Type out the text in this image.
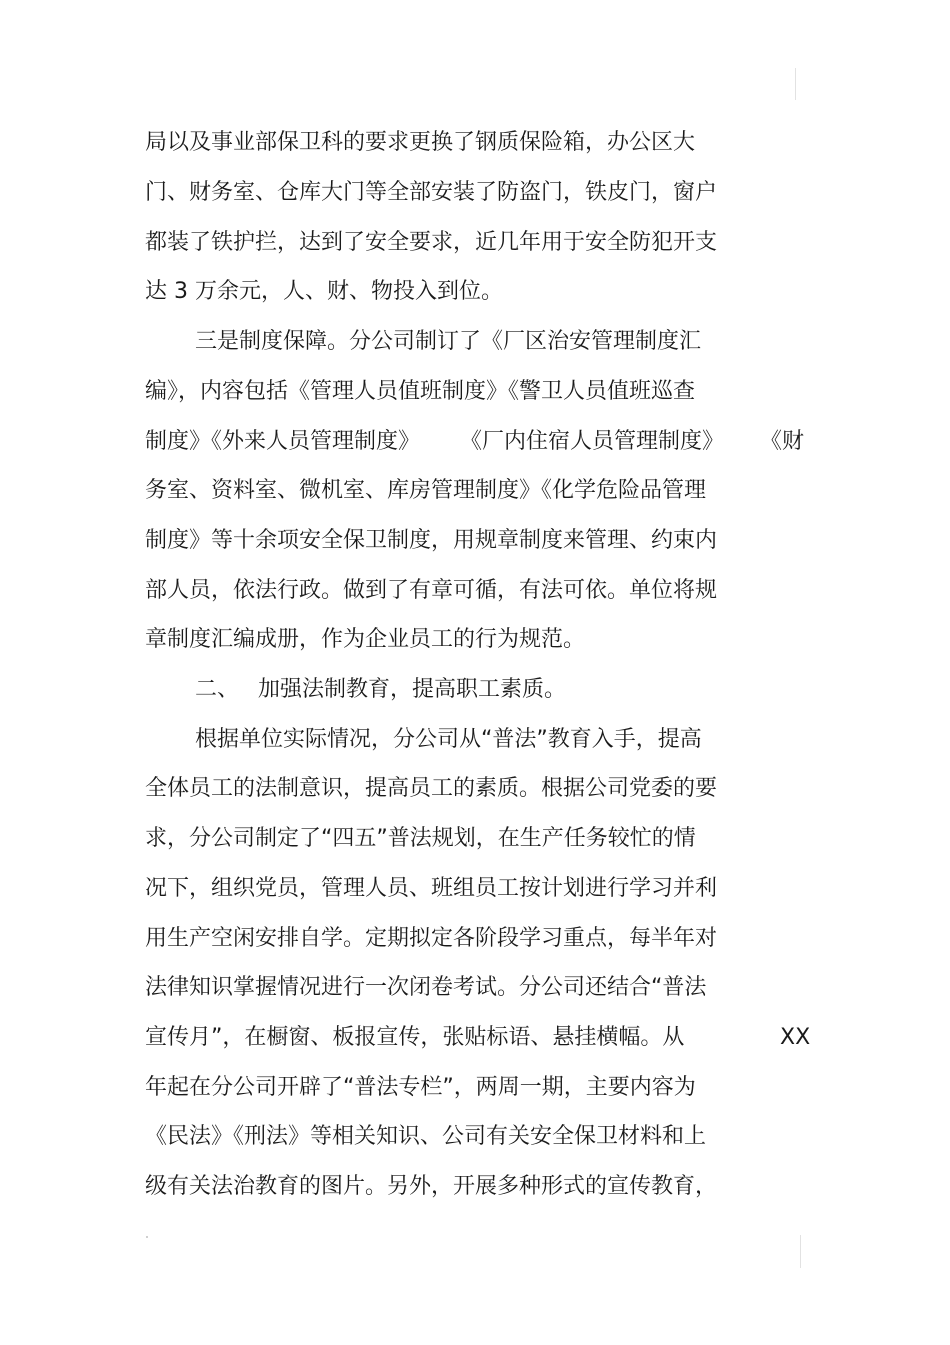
局以及事业部保卫科的要求更换了钢质保险箱，办公区大
门、财务室、仓库大门等全部安装了防盗门，铁皮门，窗户
都装了铁护拦，达到了安全要求，近几年用于安全防犯开支
达 3 万余元，人、财、物投入到位。
三是制度保障。分公司制订了《厂区治安管理制度汇
编》，内容包括《管理人员值班制度》《警卫人员值班巡查
制度》《外来人员管理制度》 《厂内住宿人员管理制度》 《财
务室、资料室、微机室、库房管理制度》《化学危险品管理
制度》等十余项安全保卫制度，用规章制度来管理、约束内
部人员，依法行政。做到了有章可循，有法可依。单位将规
章制度汇编成册，作为企业员工的行为规范。
二、 加强法制教育，提高职工素质。
根据单位实际情况，分公司从“普法”教育入手，提高
全体员工的法制意识，提高员工的素质。根据公司党委的要
求，分公司制定了“四五”普法规划，在生产任务较忙的情
况下，组织党员，管理人员、班组员工按计划进行学习并利
用生产空闲安排自学。定期拟定各阶段学习重点，每半年对
法律知识掌握情况进行一次闭卷考试。分公司还结合“普法
宣传月”，在橱窗、板报宣传，张贴标语、悬挂横幅。从	XX
年起在分公司开辟了“普法专栏”，两周一期，主要内容为
《民法》《刑法》等相关知识、公司有关安全保卫材料和上
级有关法治教育的图片。另外，开展多种形式的宣传教育，
